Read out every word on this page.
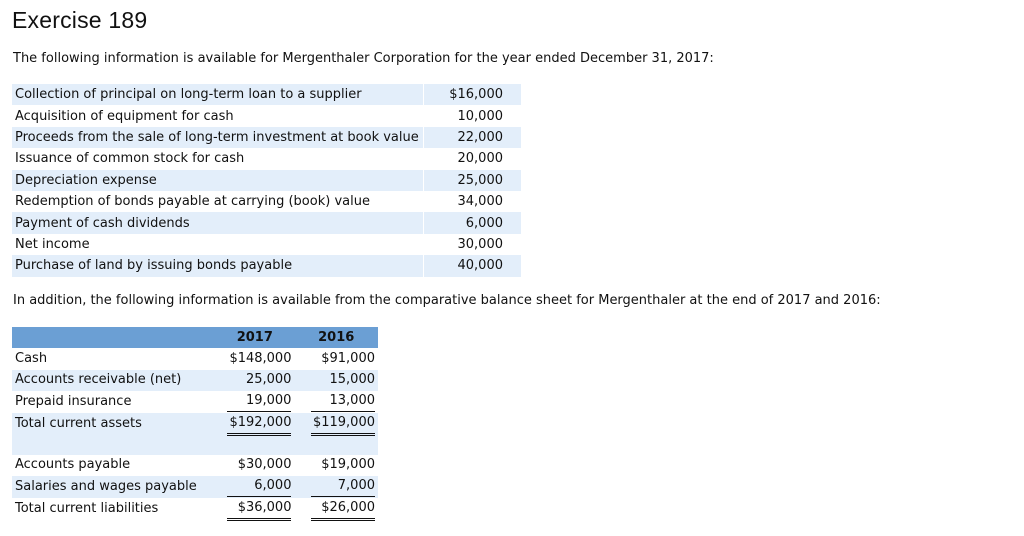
Exercise 189

The following information is available for Mergenthaler Corporation for the year ended December 31, 2017:

Collection of principal on long-term loan to a supplier	$16,000
Acquisition of equipment for cash	10,000
Proceeds from the sale of long-term investment at book value	22,000
Issuance of common stock for cash	20,000
Depreciation expense	25,000
Redemption of bonds payable at carrying (book) value	34,000
Payment of cash dividends	6,000
Net income	30,000
Purchase of land by issuing bonds payable	40,000

In addition, the following information is available from the comparative balance sheet for Mergenthaler at the end of 2017 and 2016:

	2017	2016
Cash	$148,000	$91,000
Accounts receivable (net)	25,000	15,000
Prepaid insurance	19,000	13,000
Total current assets	$192,000	$119,000

Accounts payable	$30,000	$19,000
Salaries and wages payable	6,000	7,000
Total current liabilities	$36,000	$26,000
